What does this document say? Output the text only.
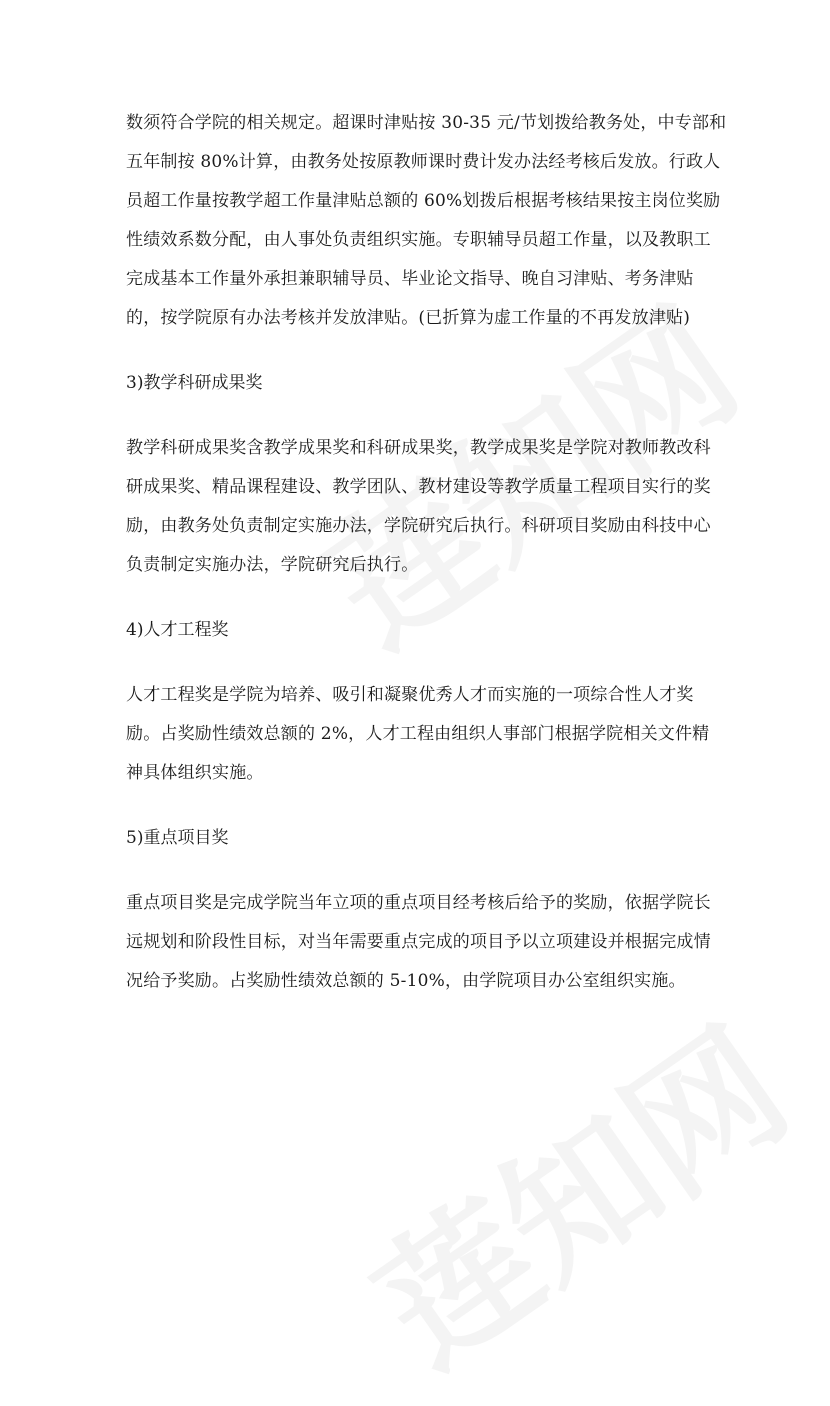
数须符合学院的相关规定。超课时津贴按 30-35 元/节划拨给教务处，中专部和
五年制按 80%计算，由教务处按原教师课时费计发办法经考核后发放。行政人
员超工作量按教学超工作量津贴总额的 60%划拨后根据考核结果按主岗位奖励
性绩效系数分配，由人事处负责组织实施。专职辅导员超工作量，以及教职工
完成基本工作量外承担兼职辅导员、毕业论文指导、晚自习津贴、考务津贴
的，按学院原有办法考核并发放津贴。(已折算为虚工作量的不再发放津贴)

3)教学科研成果奖

教学科研成果奖含教学成果奖和科研成果奖，教学成果奖是学院对教师教改科
研成果奖、精品课程建设、教学团队、教材建设等教学质量工程项目实行的奖
励，由教务处负责制定实施办法，学院研究后执行。科研项目奖励由科技中心
负责制定实施办法，学院研究后执行。

4)人才工程奖

人才工程奖是学院为培养、吸引和凝聚优秀人才而实施的一项综合性人才奖
励。占奖励性绩效总额的 2%，人才工程由组织人事部门根据学院相关文件精
神具体组织实施。

5)重点项目奖

重点项目奖是完成学院当年立项的重点项目经考核后给予的奖励，依据学院长
远规划和阶段性目标，对当年需要重点完成的项目予以立项建设并根据完成情
况给予奖励。占奖励性绩效总额的 5-10%，由学院项目办公室组织实施。
